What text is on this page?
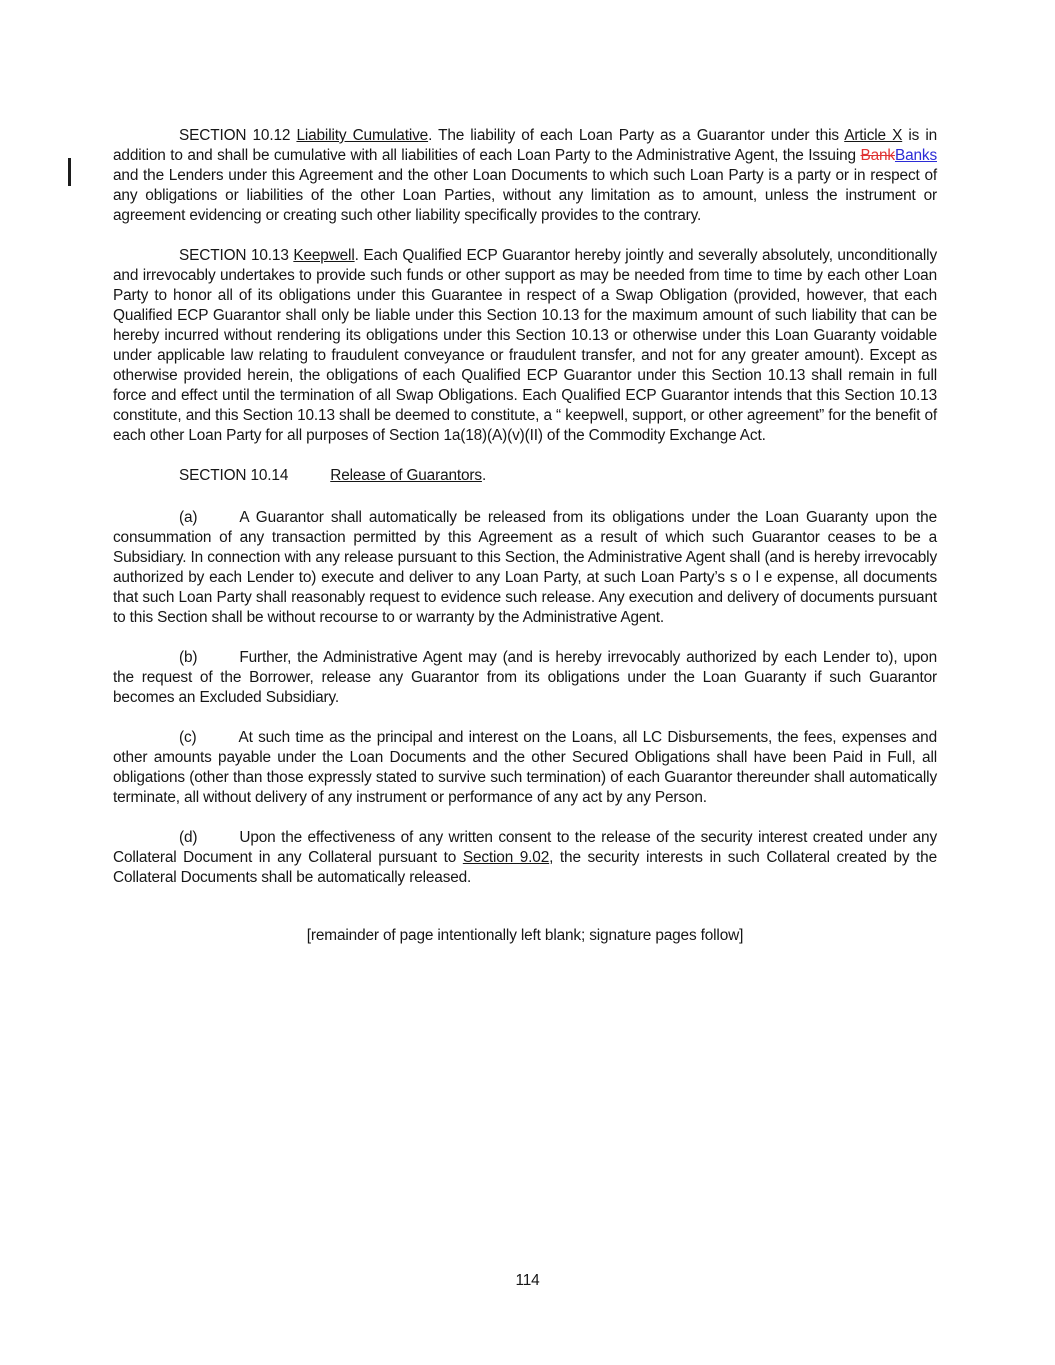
SECTION 10.12 Liability Cumulative. The liability of each Loan Party as a Guarantor under this Article X is in addition to and shall be cumulative with all liabilities of each Loan Party to the Administrative Agent, the Issuing BankBanks and the Lenders under this Agreement and the other Loan Documents to which such Loan Party is a party or in respect of any obligations or liabilities of the other Loan Parties, without any limitation as to amount, unless the instrument or agreement evidencing or creating such other liability specifically provides to the contrary.

SECTION 10.13 Keepwell. Each Qualified ECP Guarantor hereby jointly and severally absolutely, unconditionally and irrevocably undertakes to provide such funds or other support as may be needed from time to time by each other Loan Party to honor all of its obligations under this Guarantee in respect of a Swap Obligation (provided, however, that each Qualified ECP Guarantor shall only be liable under this Section 10.13 for the maximum amount of such liability that can be hereby incurred without rendering its obligations under this Section 10.13 or otherwise under this Loan Guaranty voidable under applicable law relating to fraudulent conveyance or fraudulent transfer, and not for any greater amount). Except as otherwise provided herein, the obligations of each Qualified ECP Guarantor under this Section 10.13 shall remain in full force and effect until the termination of all Swap Obligations. Each Qualified ECP Guarantor intends that this Section 10.13 constitute, and this Section 10.13 shall be deemed to constitute, a “ keepwell, support, or other agreement” for the benefit of each other Loan Party for all purposes of Section 1a(18)(A)(v)(II) of the Commodity Exchange Act.

SECTION 10.14	Release of Guarantors.

(a)	A Guarantor shall automatically be released from its obligations under the Loan Guaranty upon the consummation of any transaction permitted by this Agreement as a result of which such Guarantor ceases to be a Subsidiary. In connection with any release pursuant to this Section, the Administrative Agent shall (and is hereby irrevocably authorized by each Lender to) execute and deliver to any Loan Party, at such Loan Party’s s o l e expense, all documents that such Loan Party shall reasonably request to evidence such release. Any execution and delivery of documents pursuant to this Section shall be without recourse to or warranty by the Administrative Agent.

(b)	Further, the Administrative Agent may (and is hereby irrevocably authorized by each Lender to), upon the request of the Borrower, release any Guarantor from its obligations under the Loan Guaranty if such Guarantor becomes an Excluded Subsidiary.

(c)	At such time as the principal and interest on the Loans, all LC Disbursements, the fees, expenses and other amounts payable under the Loan Documents and the other Secured Obligations shall have been Paid in Full, all obligations (other than those expressly stated to survive such termination) of each Guarantor thereunder shall automatically terminate, all without delivery of any instrument or performance of any act by any Person.

(d)	Upon the effectiveness of any written consent to the release of the security interest created under any Collateral Document in any Collateral pursuant to Section 9.02, the security interests in such Collateral created by the Collateral Documents shall be automatically released.

[remainder of page intentionally left blank; signature pages follow]

114
